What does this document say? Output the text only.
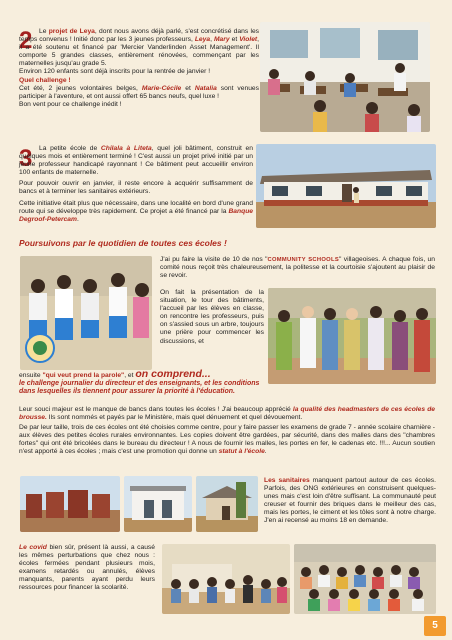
2 Le projet de Leya, dont nous avons déjà parlé, s'est concrétisé dans les temps convenus ! Initié donc par les 3 jeunes professeurs, Leya, Mary et Violet, il a été soutenu et financé par 'Mercier Vanderlinden Asset Management'. Il comporte 5 grandes classes, entièrement rénovées, commençant par les maternelles jusqu'au grade 5.
Environ 120 enfants sont déjà inscrits pour la rentrée de janvier !
Quel challenge !
Cet été, 2 jeunes volontaires belges, Marie-Cécile et Natalia sont venues participer à l'aventure, et ont aussi offert 65 bancs neufs, quel luxe !
Bon vent pour ce challenge inédit !
3 La petite école de Chilala à Liteta, quel joli bâtiment, construit en quelques mois et entièrement terminé ! C'est aussi un projet privé initié par un jeune professeur handicapé rayonnant ! Ce bâtiment peut accueillir environ 100 enfants de maternelle.

Pour pouvoir ouvrir en janvier, il reste encore à acquérir suffisamment de bancs et à terminer les sanitaires extérieurs.

Cette initiative était plus que nécessaire, dans une localité en bord d'une grand route qui se développe très rapidement. Ce projet a été financé par la Banque Degroof-Petercam.
Poursuivons par le quotidien de toutes ces écoles !
J'ai pu faire la visite de 10 de nos "COMMUNITY SCHOOLS" villageoises. A chaque fois, un comité nous reçoit très chaleureusement, la politesse et la courtoisie s'ajoutent au plaisir de se revoir.
On fait la présentation de la situation, le tour des bâtiments, l'accueil par les élèves en classe, on rencontre les professeurs, puis on s'assied sous un arbre, toujours une prière pour commencer les discussions, et
ensuite "qui veut prend la parole", et on comprend...
le challenge journalier du directeur et des enseignants, et les conditions dans lesquelles ils tiennent pour assurer la priorité à l'éducation.
Leur souci majeur est le manque de bancs dans toutes les écoles ! J'ai beaucoup apprécié la qualité des headmasters de ces écoles de brousse. Ils sont nommés et payés par le Ministère, mais quel dénuement et quel dévouement.
De par leur taille, trois de ces écoles ont été choisies comme centre, pour y faire passer les examens de grade 7 - année scolaire charnière - aux élèves des petites écoles rurales environnantes. Les copies doivent être gardées, par sécurité, dans des malles dans des "chambres fortes" qui ont été bricolées dans le bureau du directeur ! A nous de fournir les malles, les portes en fer, le cadenas etc. !!!... Aucun soutien n'est apporté à ces écoles ; mais c'est une promotion qui donne un statut à l'école.
Les sanitaires manquent partout autour de ces écoles. Parfois, des ONG extérieures en construisent quelques-unes mais c'est loin d'être suffisant. La communauté peut creuser et fournir des briques dans le meilleur des cas, mais les portes, le ciment et les tôles sont à notre charge. J'en ai recensé au moins 18 en demande.
Le covid bien sûr, présent là aussi, a causé les mêmes perturbations que chez nous : écoles fermées pendant plusieurs mois, examens retardés ou annulés, élèves manquants, parents ayant perdu leurs ressources pour financer la scolarité.
5
